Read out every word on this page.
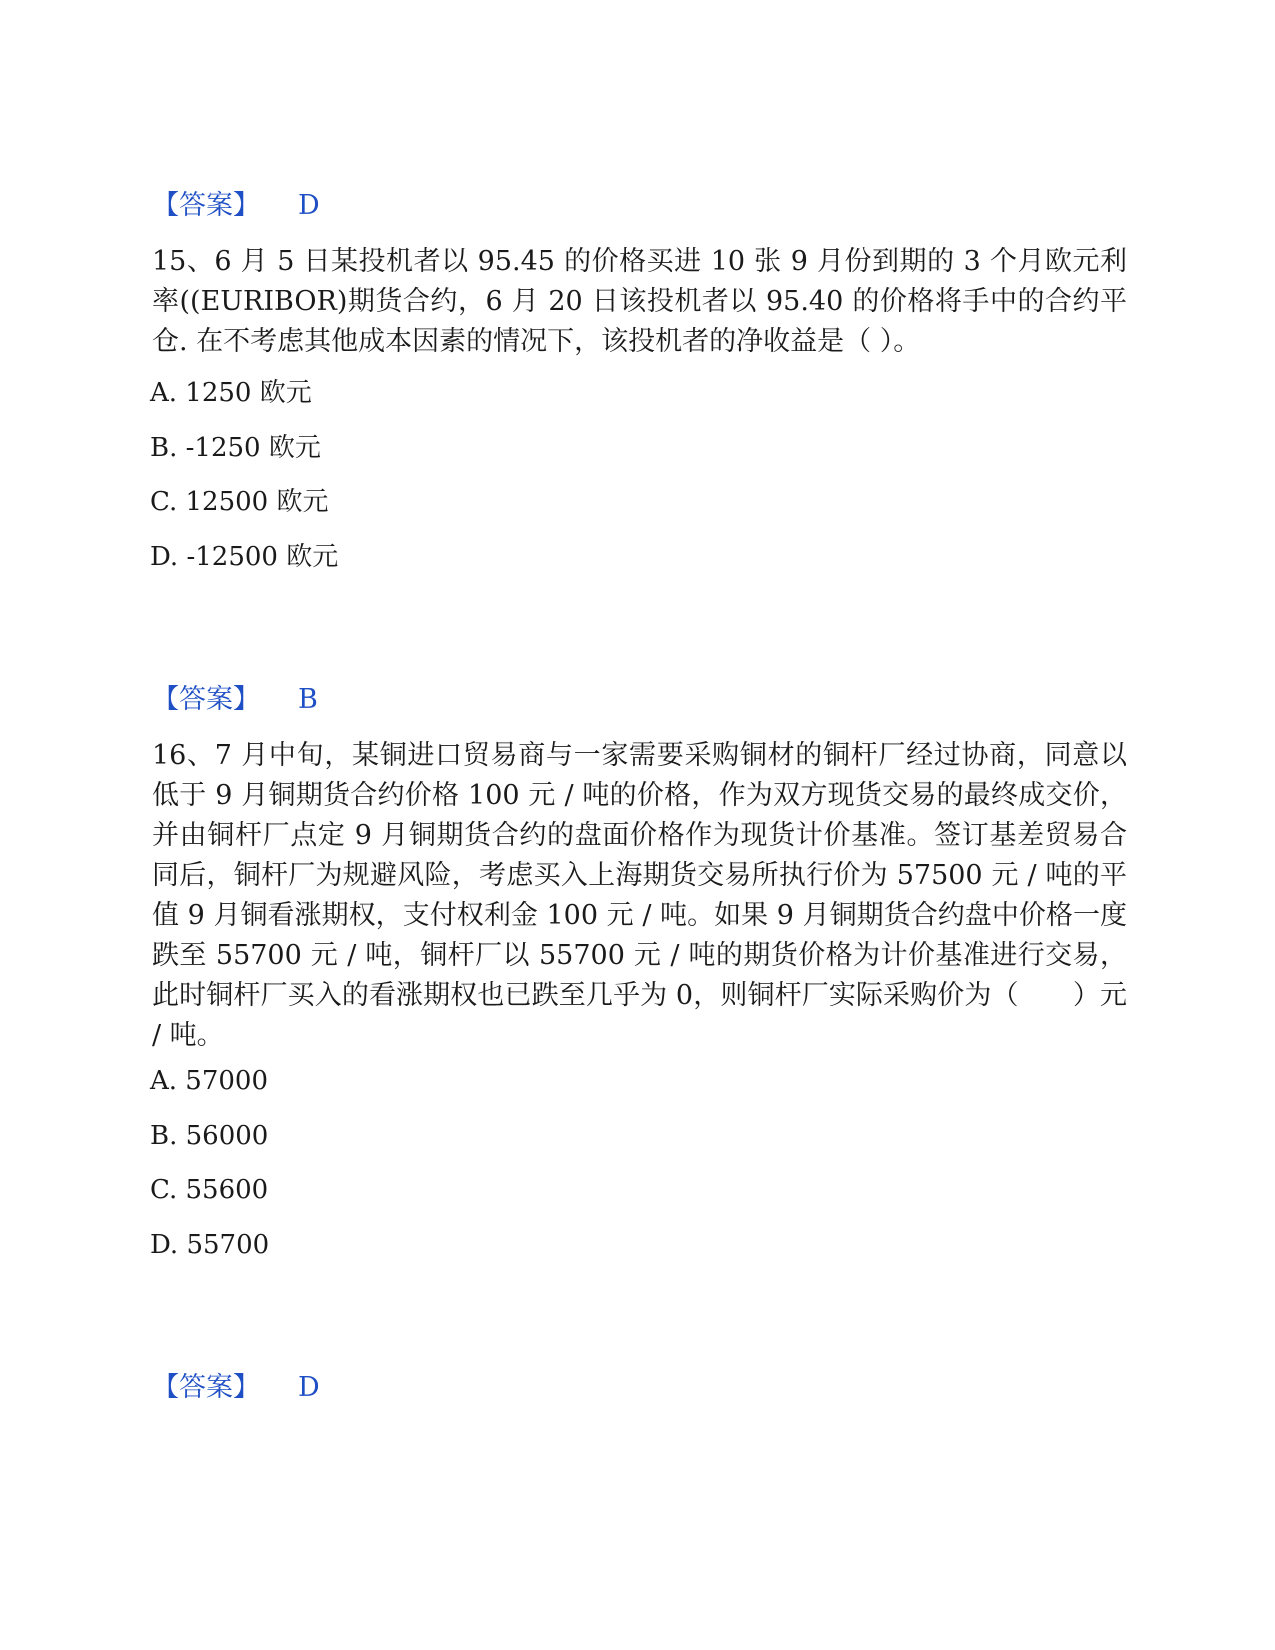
【答案】 D
15、6 月 5 日某投机者以 95.45 的价格买进 10 张 9 月份到期的 3 个月欧元利率((EURIBOR)期货合约，6 月 20 日该投机者以 95.40 的价格将手中的合约平仓. 在不考虑其他成本因素的情况下，该投机者的净收益是（ ）。
A. 1250 欧元
B. -1250 欧元
C. 12500 欧元
D. -12500 欧元
【答案】 B
16、7 月中旬，某铜进口贸易商与一家需要采购铜材的铜杆厂经过协商，同意以低于 9 月铜期货合约价格 100 元 / 吨的价格，作为双方现货交易的最终成交价，并由铜杆厂点定 9 月铜期货合约的盘面价格作为现货计价基准。签订基差贸易合同后，铜杆厂为规避风险，考虑买入上海期货交易所执行价为 57500 元 / 吨的平值 9 月铜看涨期权，支付权利金 100 元 / 吨。如果 9 月铜期货合约盘中价格一度跌至 55700 元 / 吨，铜杆厂以 55700 元 / 吨的期货价格为计价基准进行交易，此时铜杆厂买入的看涨期权也已跌至几乎为 0，则铜杆厂实际采购价为（　　）元 / 吨。
A. 57000
B. 56000
C. 55600
D. 55700
【答案】 D
